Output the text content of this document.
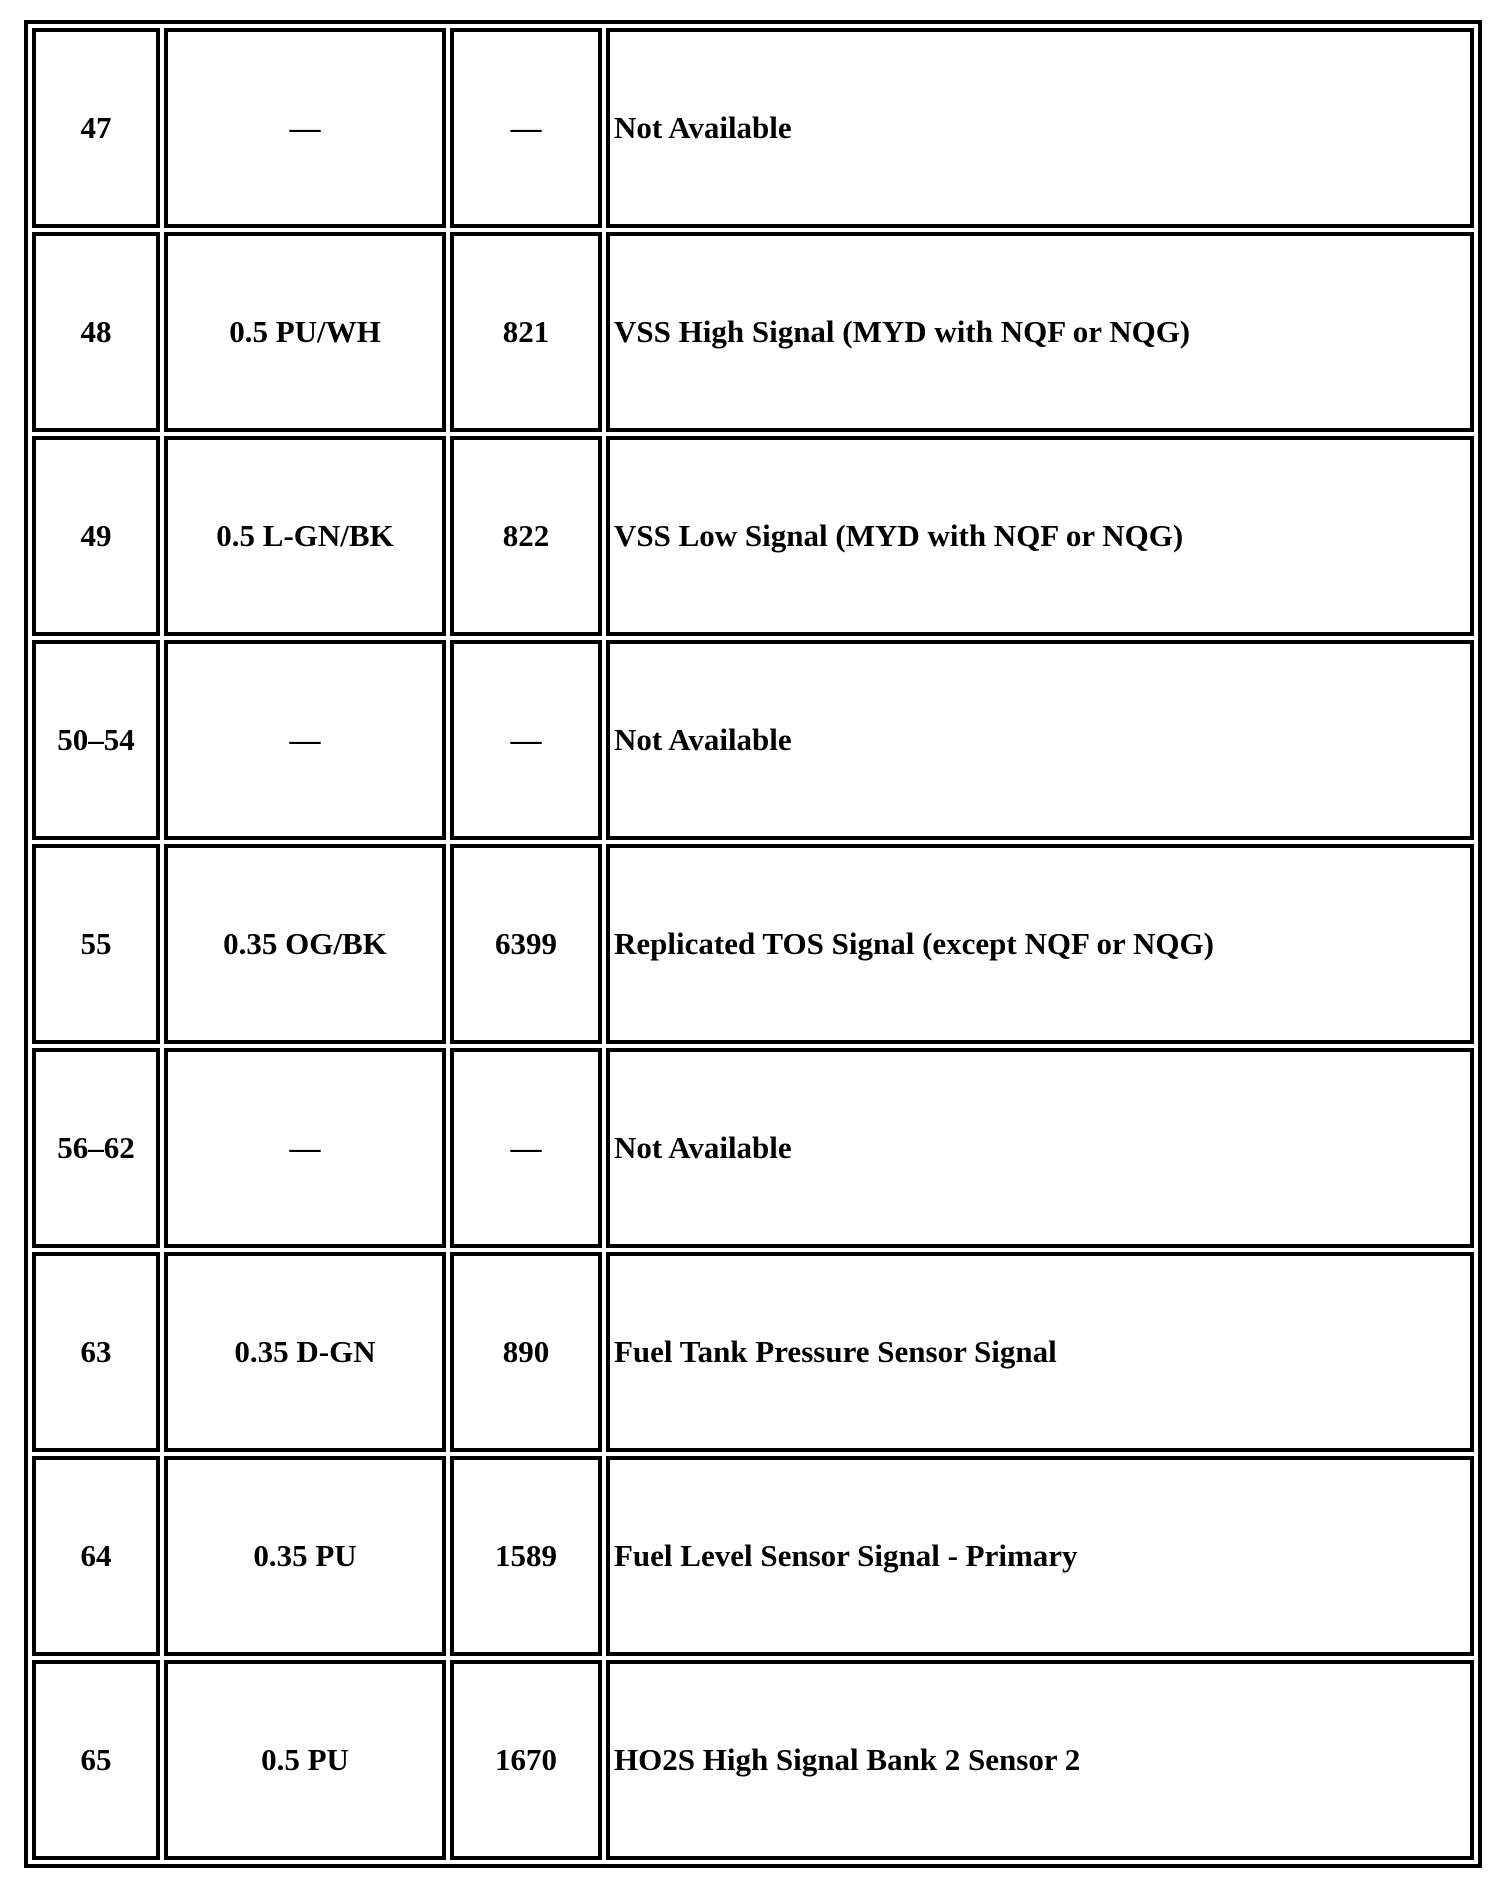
47	—	—	Not Available
48	0.5 PU/WH	821	VSS High Signal (MYD with NQF or NQG)
49	0.5 L-GN/BK	822	VSS Low Signal (MYD with NQF or NQG)
50–54	—	—	Not Available
55	0.35 OG/BK	6399	Replicated TOS Signal (except NQF or NQG)
56–62	—	—	Not Available
63	0.35 D-GN	890	Fuel Tank Pressure Sensor Signal
64	0.35 PU	1589	Fuel Level Sensor Signal - Primary
65	0.5 PU	1670	HO2S High Signal Bank 2 Sensor 2
